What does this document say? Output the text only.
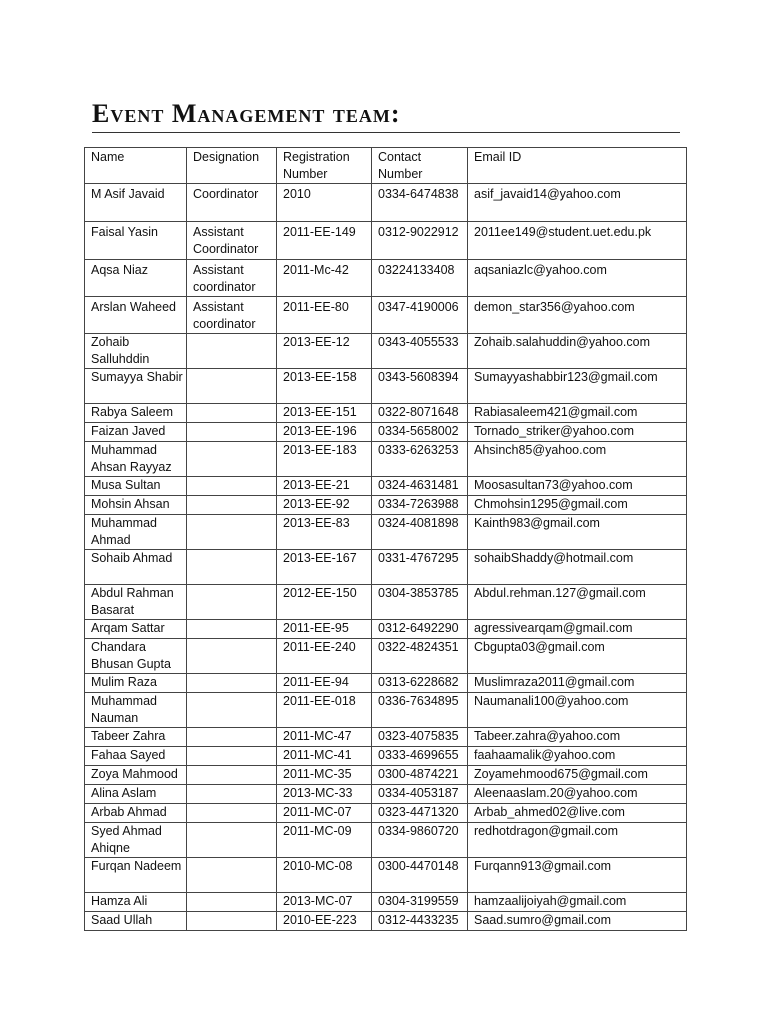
Event Management team:
Name	Designation	Registration Number	Contact Number	Email ID
M Asif Javaid	Coordinator	2010	0334-6474838	asif_javaid14@yahoo.com
Faisal Yasin	Assistant Coordinator	2011-EE-149	0312-9022912	2011ee149@student.uet.edu.pk
Aqsa Niaz	Assistant coordinator	2011-Mc-42	03224133408	aqsaniazlc@yahoo.com
Arslan Waheed	Assistant coordinator	2011-EE-80	0347-4190006	demon_star356@yahoo.com
Zohaib Salluhddin		2013-EE-12	0343-4055533	Zohaib.salahuddin@yahoo.com
Sumayya Shabir		2013-EE-158	0343-5608394	Sumayyashabbir123@gmail.com
Rabya Saleem		2013-EE-151	0322-8071648	Rabiasaleem421@gmail.com
Faizan Javed		2013-EE-196	0334-5658002	Tornado_striker@yahoo.com
Muhammad Ahsan Rayyaz		2013-EE-183	0333-6263253	Ahsinch85@yahoo.com
Musa Sultan		2013-EE-21	0324-4631481	Moosasultan73@yahoo.com
Mohsin Ahsan		2013-EE-92	0334-7263988	Chmohsin1295@gmail.com
Muhammad Ahmad		2013-EE-83	0324-4081898	Kainth983@gmail.com
Sohaib Ahmad		2013-EE-167	0331-4767295	sohaibShaddy@hotmail.com
Abdul Rahman Basarat		2012-EE-150	0304-3853785	Abdul.rehman.127@gmail.com
Arqam Sattar		2011-EE-95	0312-6492290	agressivearqam@gmail.com
Chandara Bhusan Gupta		2011-EE-240	0322-4824351	Cbgupta03@gmail.com
Mulim Raza		2011-EE-94	0313-6228682	Muslimraza2011@gmail.com
Muhammad Nauman		2011-EE-018	0336-7634895	Naumanali100@yahoo.com
Tabeer Zahra		2011-MC-47	0323-4075835	Tabeer.zahra@yahoo.com
Fahaa Sayed		2011-MC-41	0333-4699655	faahaamalik@yahoo.com
Zoya Mahmood		2011-MC-35	0300-4874221	Zoyamehmood675@gmail.com
Alina Aslam		2013-MC-33	0334-4053187	Aleenaaslam.20@yahoo.com
Arbab Ahmad		2011-MC-07	0323-4471320	Arbab_ahmed02@live.com
Syed Ahmad Ahiqne		2011-MC-09	0334-9860720	redhotdragon@gmail.com
Furqan Nadeem		2010-MC-08	0300-4470148	Furqann913@gmail.com
Hamza Ali		2013-MC-07	0304-3199559	hamzaalijoiyah@gmail.com
Saad Ullah		2010-EE-223	0312-4433235	Saad.sumro@gmail.com
